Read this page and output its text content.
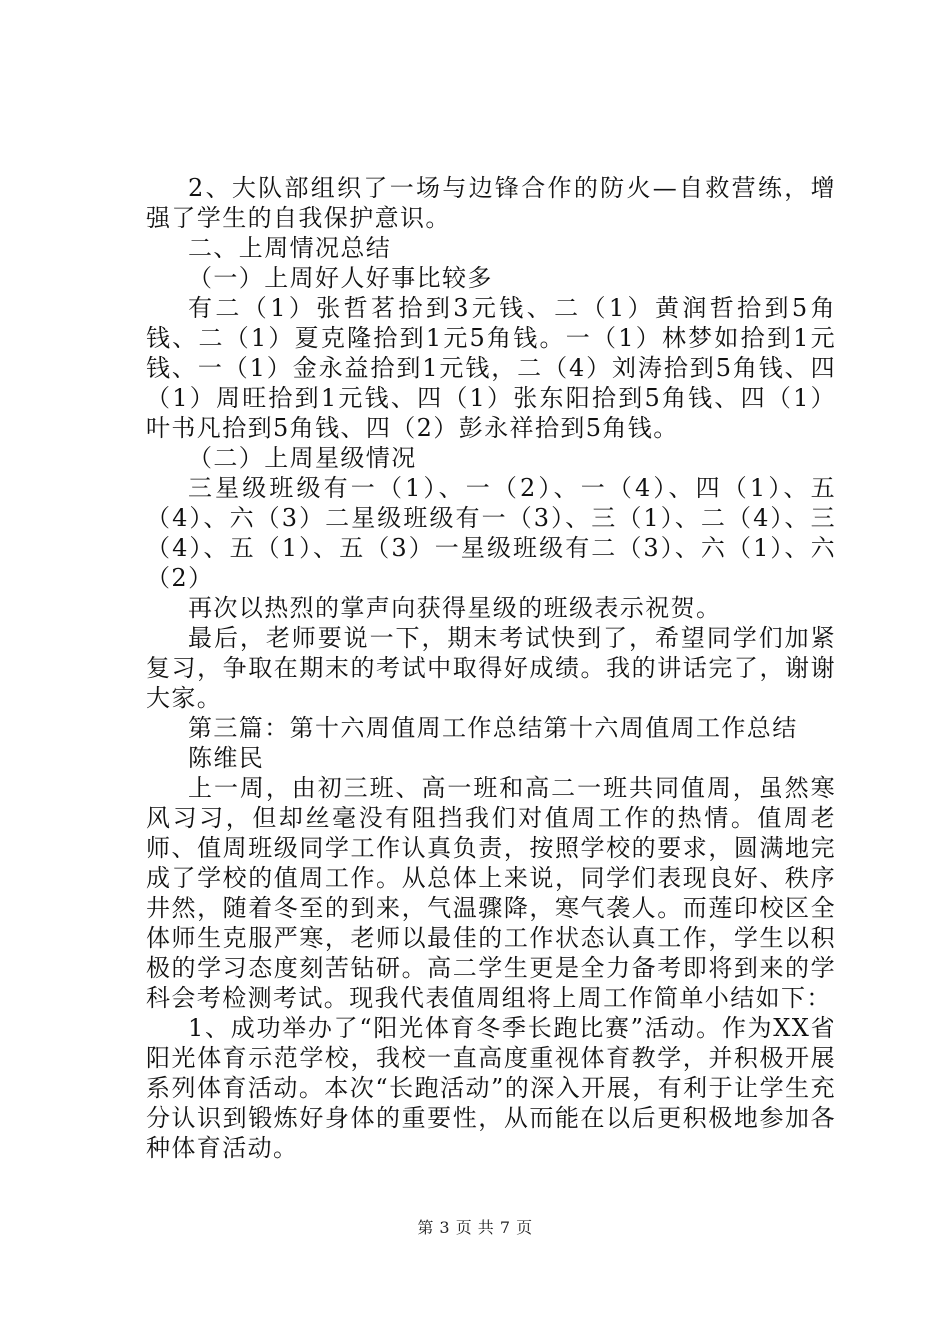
2、大队部组织了一场与边锋合作的防火—自救营练，增强了学生的自我保护意识。

二、上周情况总结

（一）上周好人好事比较多

有二（1）张哲茗拾到3元钱、二（1）黄润哲拾到5角钱、二（1）夏克隆拾到1元5角钱。一（1）林梦如拾到1元钱、一（1）金永益拾到1元钱，二（4）刘涛拾到5角钱、四（1）周旺拾到1元钱、四（1）张东阳拾到5角钱、四（1）叶书凡拾到5角钱、四（2）彭永祥拾到5角钱。

（二）上周星级情况

三星级班级有一（1）、一（2）、一（4）、四（1）、五（4）、六（3）二星级班级有一（3）、三（1）、二（4）、三（4）、五（1）、五（3）一星级班级有二（3）、六（1）、六（2）

再次以热烈的掌声向获得星级的班级表示祝贺。

最后，老师要说一下，期末考试快到了，希望同学们加紧复习，争取在期末的考试中取得好成绩。我的讲话完了，谢谢大家。

第三篇：第十六周值周工作总结第十六周值周工作总结

陈维民

上一周，由初三班、高一班和高二一班共同值周，虽然寒风习习，但却丝毫没有阻挡我们对值周工作的热情。值周老师、值周班级同学工作认真负责，按照学校的要求，圆满地完成了学校的值周工作。从总体上来说，同学们表现良好、秩序井然，随着冬至的到来，气温骤降，寒气袭人。而莲印校区全体师生克服严寒，老师以最佳的工作状态认真工作，学生以积极的学习态度刻苦钻研。高二学生更是全力备考即将到来的学科会考检测考试。现我代表值周组将上周工作简单小结如下：

1、成功举办了“阳光体育冬季长跑比赛”活动。作为XX省阳光体育示范学校，我校一直高度重视体育教学，并积极开展系列体育活动。本次“长跑活动”的深入开展，有利于让学生充分认识到锻炼好身体的重要性，从而能在以后更积极地参加各种体育活动。

第 3 页 共 7 页
